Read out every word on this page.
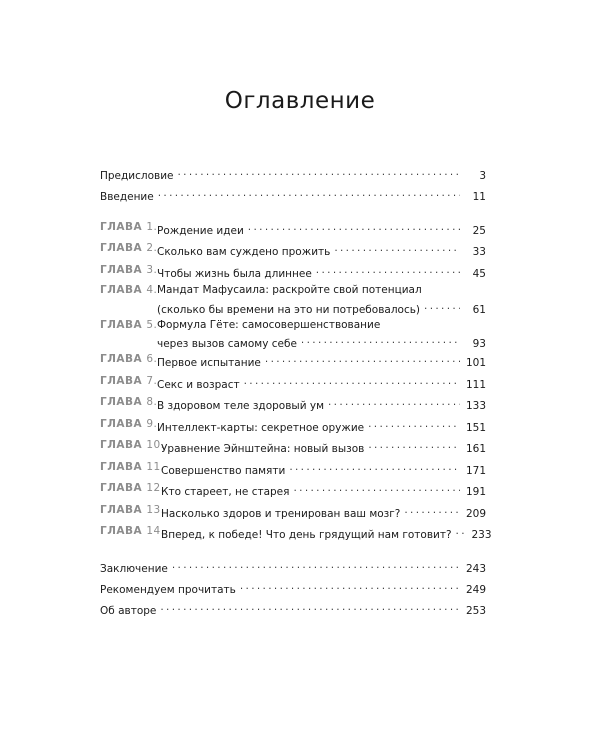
Оглавление
Предисловие . . .	3
Введение . . .	11
ГЛАВА 1. Рождение идеи . . .	25
ГЛАВА 2. Сколько вам суждено прожить . . .	33
ГЛАВА 3. Чтобы жизнь была длиннее . . .	45
ГЛАВА 4. Мандат Мафусаила: раскройте свой потенциал
(сколько бы времени на это ни потребовалось) . . .	61
ГЛАВА 5. Формула Гёте: самосовершенствование
через вызов самому себе . . .	93
ГЛАВА 6. Первое испытание . . .	101
ГЛАВА 7. Секс и возраст . . .	111
ГЛАВА 8. В здоровом теле здоровый ум . . .	133
ГЛАВА 9. Интеллект-карты: секретное оружие . . .	151
ГЛАВА 10.
Уравнение Эйнштейна: новый вызов . . .	161
ГЛАВА 11.
Совершенство памяти . . .	171
ГЛАВА 12.
Кто стареет, не старея . . .	191
ГЛАВА 13.
Насколько здоров и тренирован ваш мозг? . . .	209
ГЛАВА 14.
Вперед, к победе! Что день грядущий нам готовит? . . . 233
Заключение . . .	243
Рекомендуем прочитать . . .	249
Об авторе . . .	253
